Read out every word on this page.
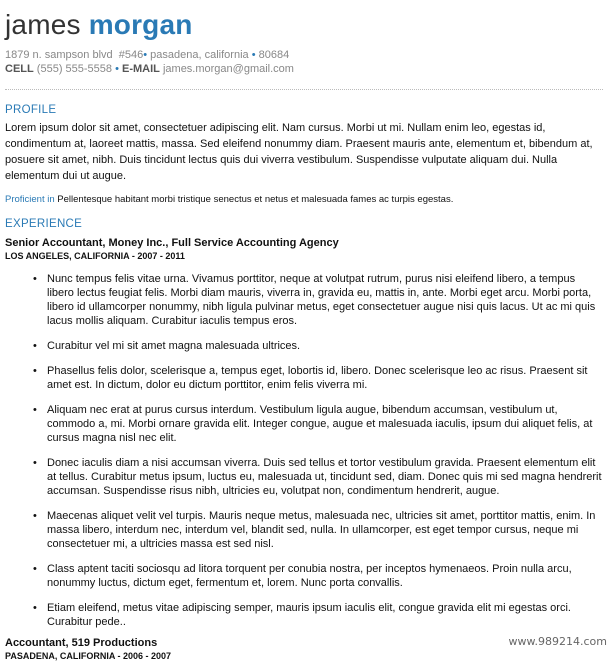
james morgan
1879 n. sampson blvd #546• pasadena, california • 80684
CELL (555) 555-5558 • E-MAIL james.morgan@gmail.com
PROFILE

Lorem ipsum dolor sit amet, consectetuer adipiscing elit. Nam cursus. Morbi ut mi. Nullam enim leo, egestas id, condimentum at, laoreet mattis, massa. Sed eleifend nonummy diam. Praesent mauris ante, elementum et, bibendum at, posuere sit amet, nibh. Duis tincidunt lectus quis dui viverra vestibulum. Suspendisse vulputate aliquam dui. Nulla elementum dui ut augue.

Proficient in Pellentesque habitant morbi tristique senectus et netus et malesuada fames ac turpis egestas.
EXPERIENCE
Senior Accountant, Money Inc., Full Service Accounting Agency
LOS ANGELES, CALIFORNIA - 2007 - 2011
• Nunc tempus felis vitae urna. Vivamus porttitor, neque at volutpat rutrum, purus nisi eleifend libero, a tempus libero lectus feugiat felis. Morbi diam mauris, viverra in, gravida eu, mattis in, ante. Morbi eget arcu. Morbi porta, libero id ullamcorper nonummy, nibh ligula pulvinar metus, eget consectetuer augue nisi quis lacus. Ut ac mi quis lacus mollis aliquam. Curabitur iaculis tempus eros.
• Curabitur vel mi sit amet magna malesuada ultrices.
• Phasellus felis dolor, scelerisque a, tempus eget, lobortis id, libero. Donec scelerisque leo ac risus. Praesent sit amet est. In dictum, dolor eu dictum porttitor, enim felis viverra mi.
• Aliquam nec erat at purus cursus interdum. Vestibulum ligula augue, bibendum accumsan, vestibulum ut, commodo a, mi. Morbi ornare gravida elit. Integer congue, augue et malesuada iaculis, ipsum dui aliquet felis, at cursus magna nisl nec elit.
• Donec iaculis diam a nisi accumsan viverra. Duis sed tellus et tortor vestibulum gravida. Praesent elementum elit at tellus. Curabitur metus ipsum, luctus eu, malesuada ut, tincidunt sed, diam. Donec quis mi sed magna hendrerit accumsan. Suspendisse risus nibh, ultricies eu, volutpat non, condimentum hendrerit, augue.
• Maecenas aliquet velit vel turpis. Mauris neque metus, malesuada nec, ultricies sit amet, porttitor mattis, enim. In massa libero, interdum nec, interdum vel, blandit sed, nulla. In ullamcorper, est eget tempor cursus, neque mi consectetuer mi, a ultricies massa est sed nisl.
• Class aptent taciti sociosqu ad litora torquent per conubia nostra, per inceptos hymenaeos. Proin nulla arcu, nonummy luctus, dictum eget, fermentum et, lorem. Nunc porta convallis.
• Etiam eleifend, metus vitae adipiscing semper, mauris ipsum iaculis elit, congue gravida elit mi egestas orci. Curabitur pede..
Accountant, 519 Productions
PASADENA, CALIFORNIA - 2006 - 2007
www.989214.com
